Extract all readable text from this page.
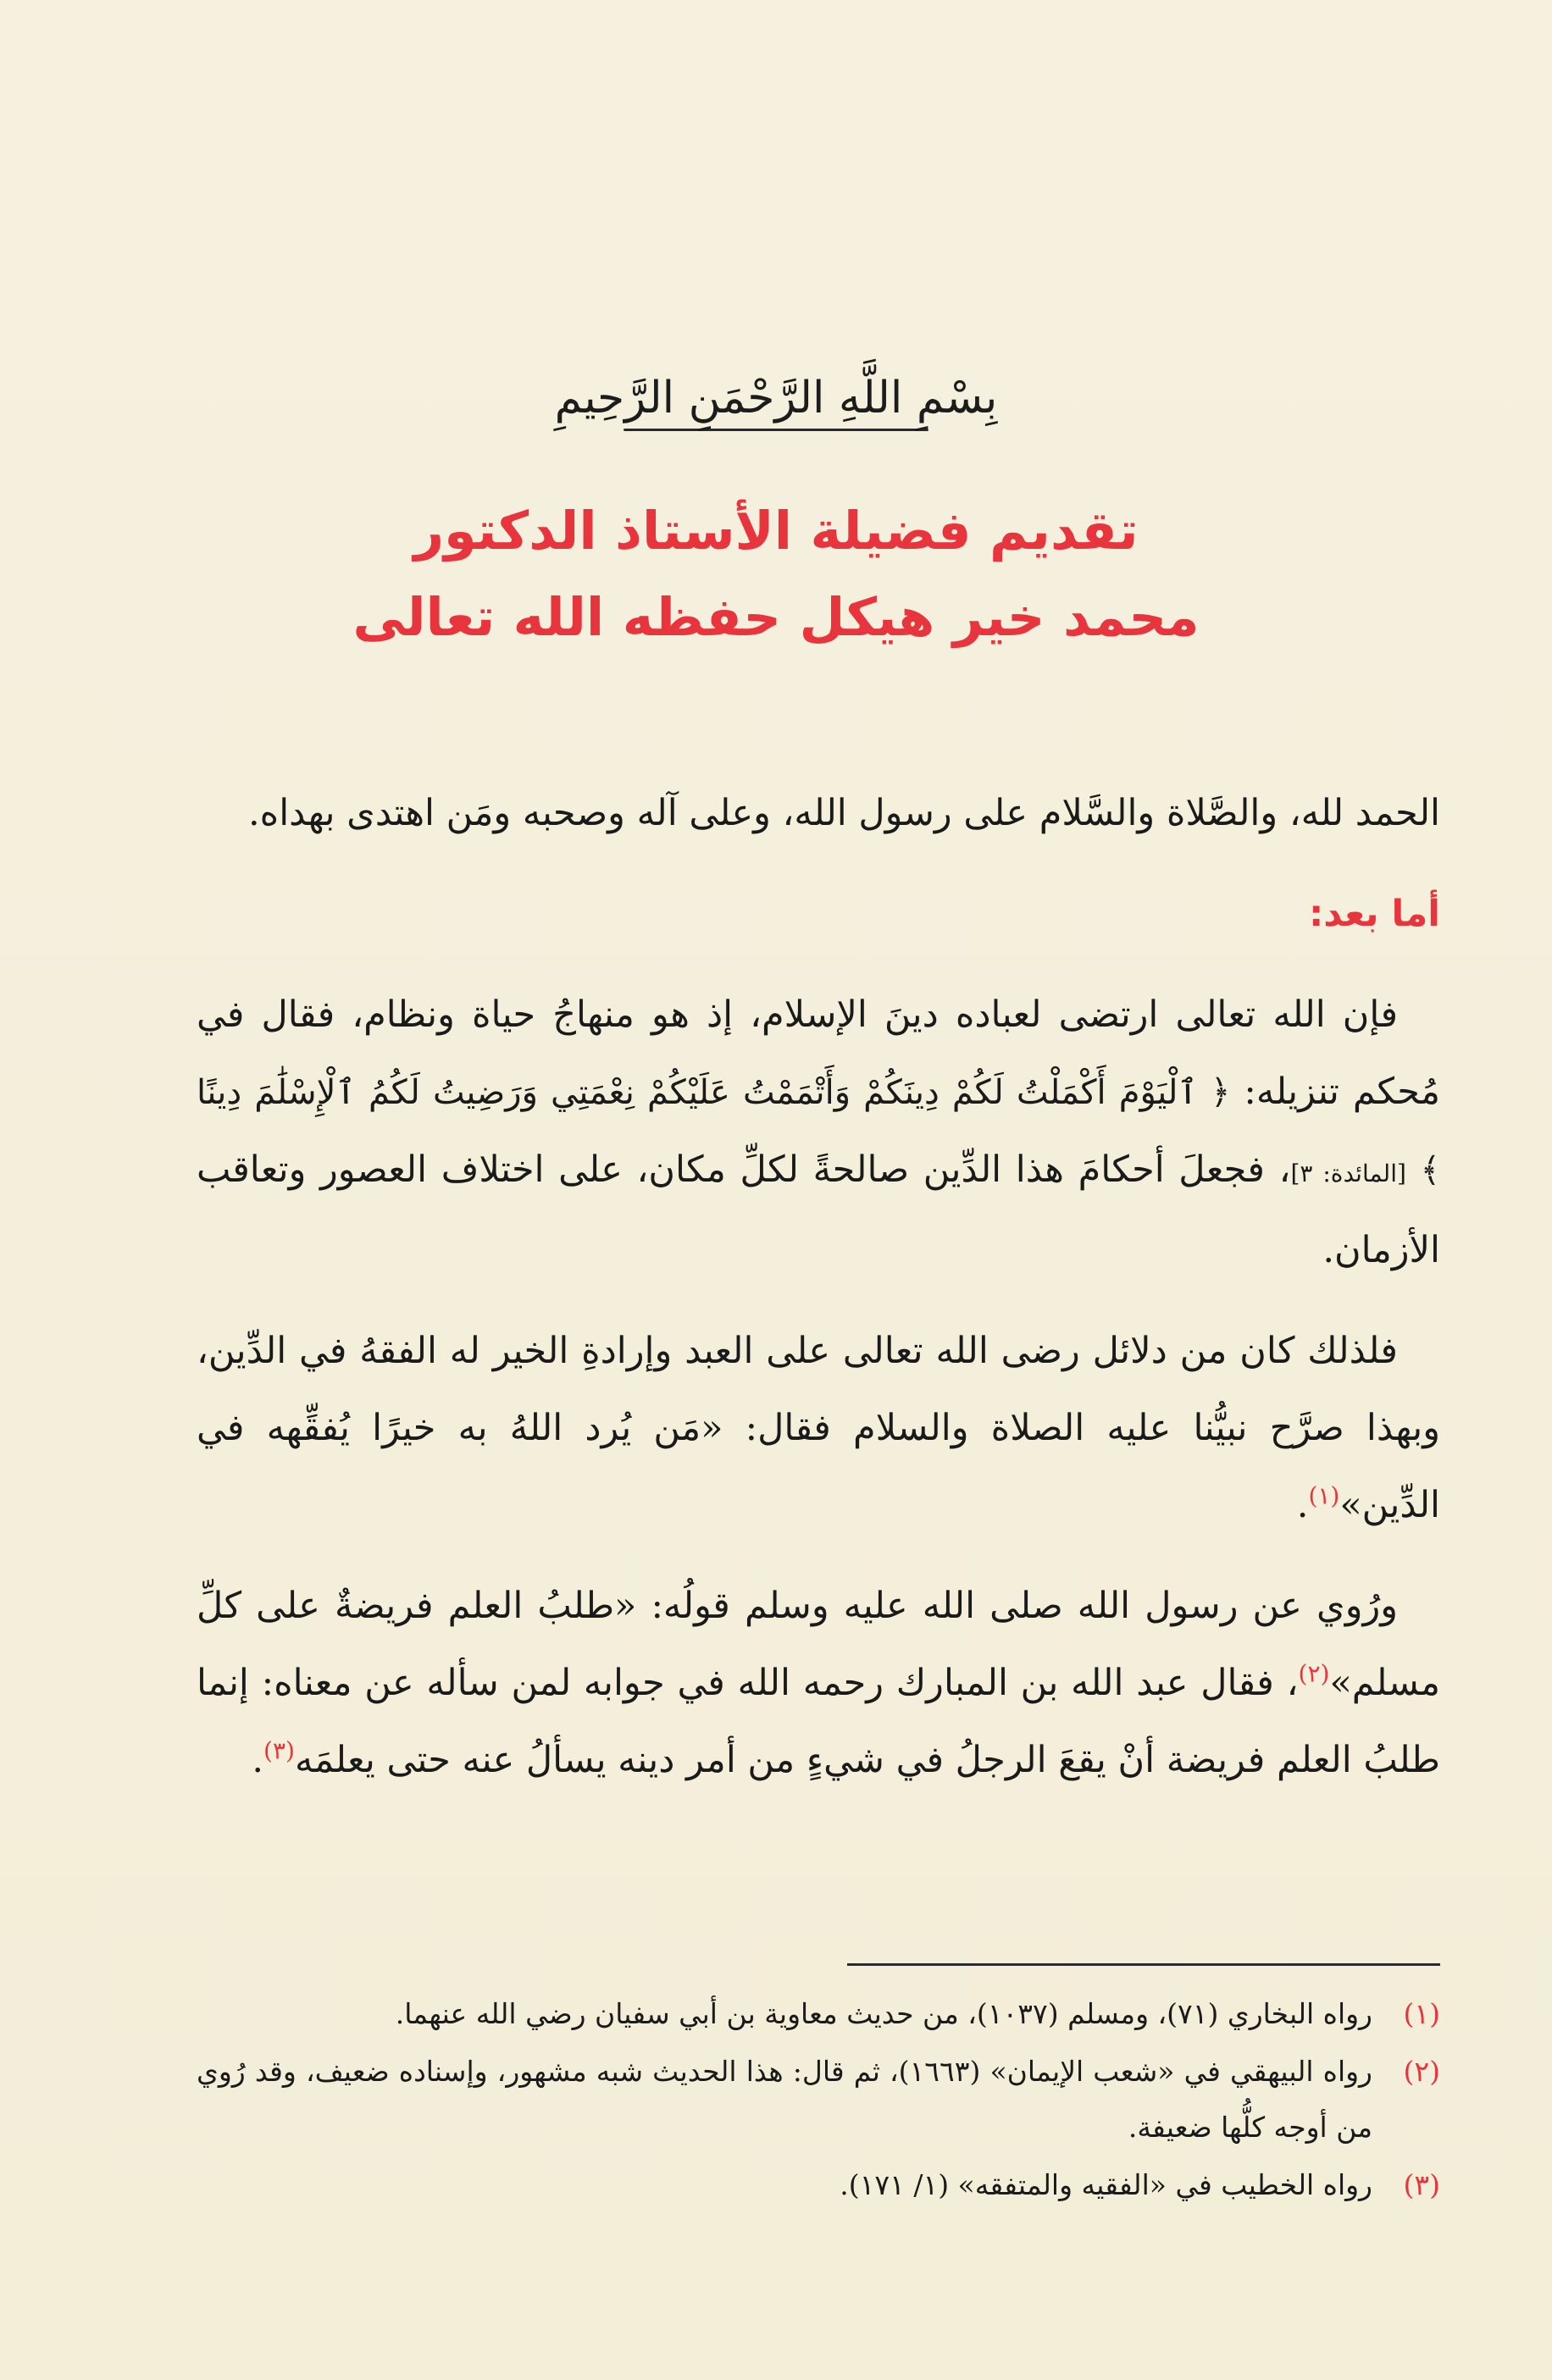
بِسْمِ اللَّهِ الرَّحْمَنِ الرَّحِيمِ
تقديم فضيلة الأستاذ الدكتور
محمد خير هيكل حفظه الله تعالى

الحمد لله، والصَّلاة والسَّلام على رسول الله، وعلى آله وصحبه ومَن اهتدى بهداه.

أما بعد:

فإن الله تعالى ارتضى لعباده دينَ الإسلام، إذ هو منهاجُ حياة ونظام، فقال في مُحكم تنزيله: ﴿ ٱلْيَوْمَ أَكْمَلْتُ لَكُمْ دِينَكُمْ وَأَتْمَمْتُ عَلَيْكُمْ نِعْمَتِي وَرَضِيتُ لَكُمُ ٱلْإِسْلَٰمَ دِينًا ﴾ [المائدة: ٣]، فجعلَ أحكامَ هذا الدِّين صالحةً لكلِّ مكان، على اختلاف العصور وتعاقب الأزمان.

فلذلك كان من دلائل رضى الله تعالى على العبد وإرادةِ الخير له الفقهُ في الدِّين، وبهذا صرَّح نبيُّنا عليه الصلاة والسلام فقال: «مَن يُرد اللهُ به خيرًا يُفقِّهه في الدِّين»$^{(١)}$.

ورُوي عن رسول الله صلى الله عليه وسلم قولُه: «طلبُ العلم فريضةٌ على كلِّ مسلم»$^{(٢)}$، فقال عبد الله بن المبارك رحمه الله في جوابه لمن سأله عن معناه: إنما طلبُ العلم فريضة أنْ يقعَ الرجلُ في شيءٍ من أمر دينه يسألُ عنه حتى يعلمَه$^{(٣)}$.

(١)
رواه البخاري (٧١)، ومسلم (١٠٣٧)، من حديث معاوية بن أبي سفيان رضي الله عنهما.
(٢)
رواه البيهقي في «شعب الإيمان» (١٦٦٣)، ثم قال: هذا الحديث شبه مشهور، وإسناده ضعيف، وقد رُوي من أوجه كلُّها ضعيفة.
(٣)
رواه الخطيب في «الفقيه والمتفقه» (١/ ١٧١).
